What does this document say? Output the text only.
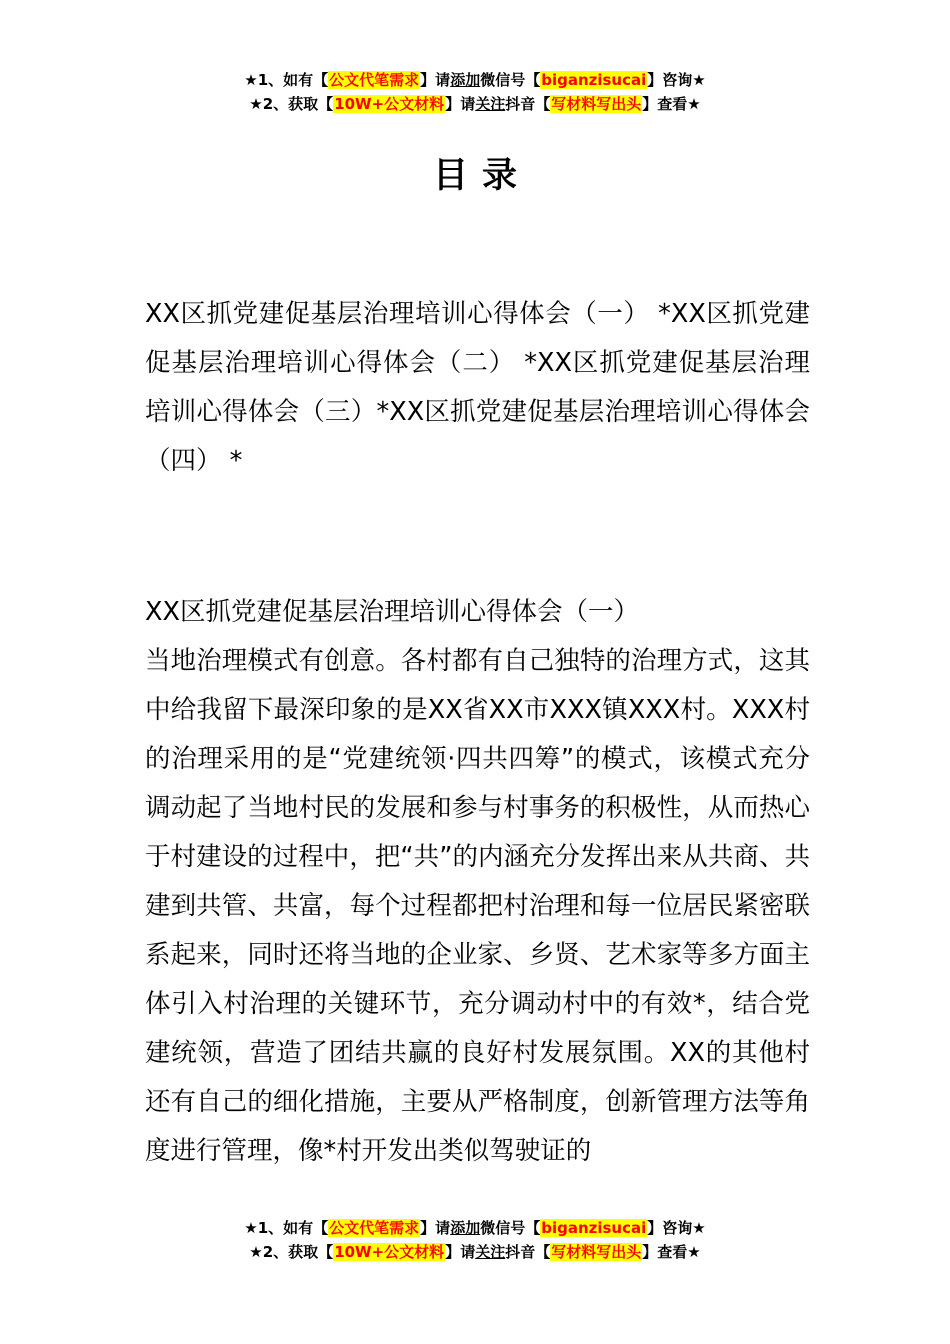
★1、如有【公文代笔需求】请添加微信号【biganzisucai】咨询★
★2、获取【10W+公文材料】请关注抖音【写材料写出头】查看★
目录

XX区抓党建促基层治理培训心得体会（一） *XX区抓党建促基层治理培训心得体会（二） *XX区抓党建促基层治理培训心得体会（三）*XX区抓党建促基层治理培训心得体会（四） *

XX区抓党建促基层治理培训心得体会（一）

当地治理模式有创意。各村都有自己独特的治理方式，这其中给我留下最深印象的是XX省XX市XXX镇XXX村。XXX村的治理采用的是“党建统领·四共四筹”的模式，该模式充分调动起了当地村民的发展和参与村事务的积极性，从而热心于村建设的过程中，把“共”的内涵充分发挥出来从共商、共建到共管、共富，每个过程都把村治理和每一位居民紧密联系起来，同时还将当地的企业家、乡贤、艺术家等多方面主体引入村治理的关键环节，充分调动村中的有效*，结合党建统领，营造了团结共赢的良好村发展氛围。XX的其他村还有自己的细化措施，主要从严格制度，创新管理方法等角度进行管理，像*村开发出类似驾驶证的

★1、如有【公文代笔需求】请添加微信号【biganzisucai】咨询★
★2、获取【10W+公文材料】请关注抖音【写材料写出头】查看★
